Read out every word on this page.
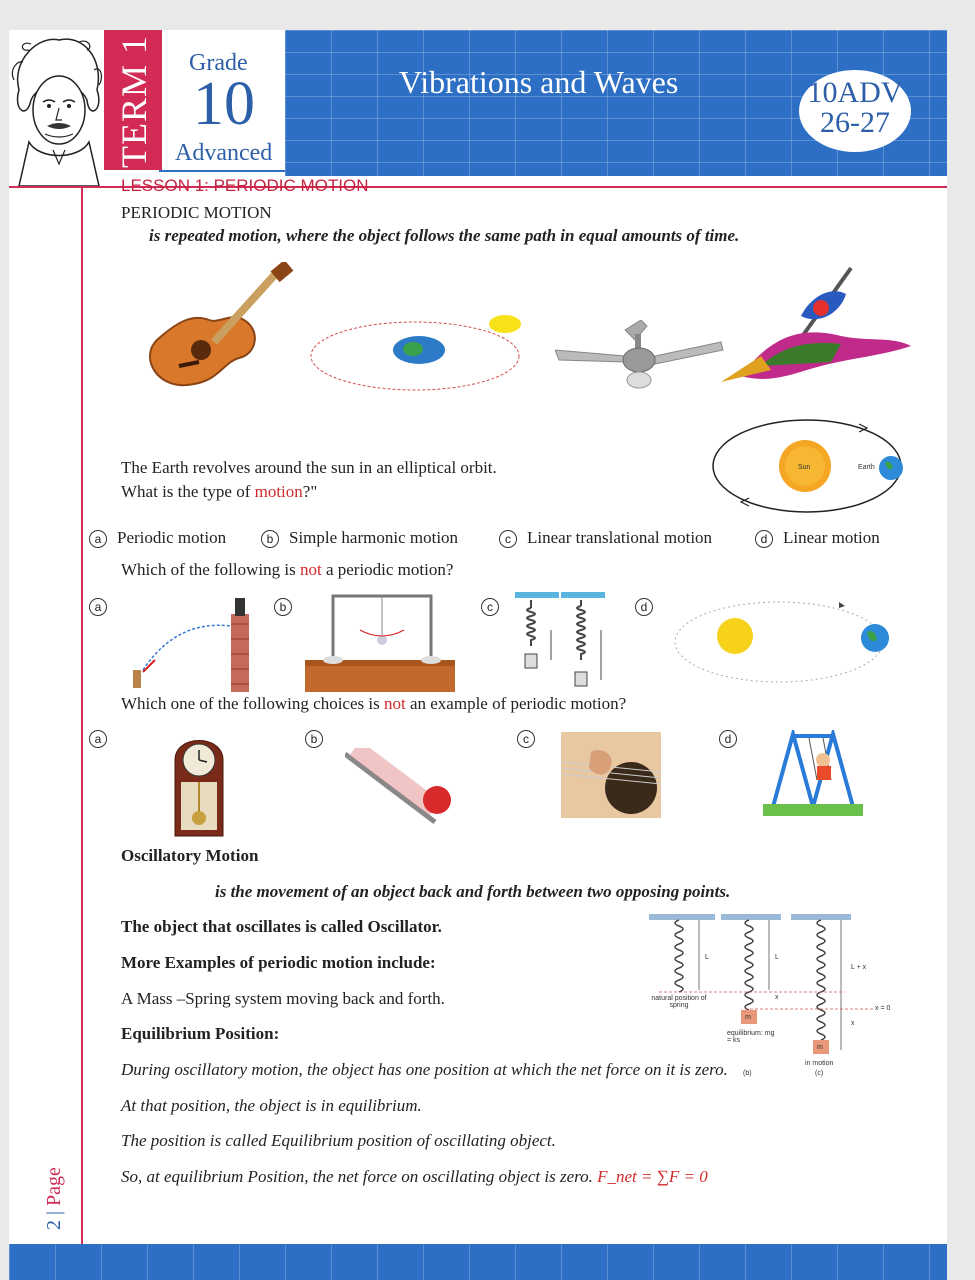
TERM 1 Grade
10
Advanced
Vibrations and Waves	10ADV
26-27
LESSON 1: PERIODIC MOTION
PERIODIC MOTION
is repeated motion, where the object follows the same path in equal amounts of time.
The Earth revolves around the sun in an elliptical orbit.
What is the type of motion?"
Sun	Earth
a Periodic motion	b Simple harmonic motion	c Linear translational motion	d Linear motion
Which of the following is not a periodic motion?
a	b	c	d
Which one of the following choices is not an example of periodic motion?
a	b	c	d
Oscillatory Motion
is the movement of an object back and forth between two opposing points.
The object that oscillates is called Oscillator.
More Examples of periodic motion include:
A Mass –Spring system moving back and forth.
Equilibrium Position:
During oscillatory motion, the object has one position at which the net force on it is zero.
At that position, the object is in equilibrium.
The position is called Equilibrium position of oscillating object.
So, at equilibrium Position, the net force on oscillating object is zero. F_net = ∑F = 0
L	L
L + x
x
x
x = 0
natural position of spring
m
m
equilibrium: mg = ks
in motion
(b)	(c)
2 | Page
